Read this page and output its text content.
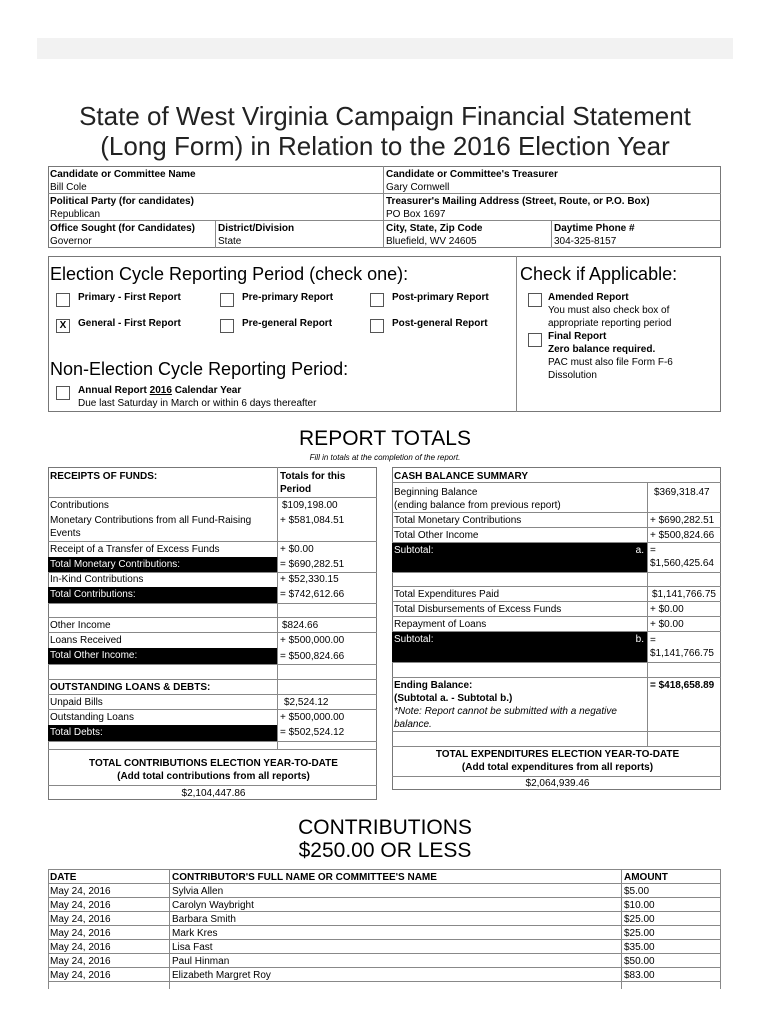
State of West Virginia Campaign Financial Statement
(Long Form) in Relation to the 2016 Election Year
Candidate or Committee Name
Bill Cole
Political Party (for candidates)
Republican
Office Sought (for Candidates)
Governor
District/Division
State
Candidate or Committee's Treasurer
Gary Cornwell
Treasurer's Mailing Address (Street, Route, or P.O. Box)
PO Box 1697
City, State, Zip Code
Bluefield, WV 24605
Daytime Phone #
304-325-8157
Election Cycle Reporting Period (check one):
Primary - First Report	Pre-primary Report	Post-primary Report
X	General - First Report	Pre-general Report	Post-general Report
Non-Election Cycle Reporting Period:
Annual Report 2016 Calendar Year
Due last Saturday in March or within 6 days thereafter
Check if Applicable:
Amended Report
You must also check box of
appropriate reporting period
Final Report
Zero balance required.
PAC must also file Form F-6
Dissolution
REPORT TOTALS
Fill in totals at the completion of the report.
RECEIPTS OF FUNDS:	Totals for this
Period
Contributions	$109,198.00
Monetary Contributions from all Fund-Raising
Events
+ $581,084.51
Receipt of a Transfer of Excess Funds	+ $0.00
Total Monetary Contributions:	= $690,282.51
In-Kind Contributions	+ $52,330.15
Total Contributions:	= $742,612.66
Other Income	$824.66
Loans Received	+ $500,000.00
Total Other Income:	= $500,824.66
OUTSTANDING LOANS & DEBTS:
Unpaid Bills	$2,524.12
Outstanding Loans	+ $500,000.00
Total Debts:	= $502,524.12
TOTAL CONTRIBUTIONS ELECTION YEAR-TO-DATE
(Add total contributions from all reports)
$2,104,447.86
CASH BALANCE SUMMARY
Beginning Balance
(ending balance from previous report)
$369,318.47
Total Monetary Contributions	+ $690,282.51
Total Other Income	+ $500,824.66
Subtotal:	a. =
$1,560,425.64
Total Expenditures Paid	$1,141,766.75
Total Disbursements of Excess Funds	+ $0.00
Repayment of Loans	+ $0.00
Subtotal:	b. =
$1,141,766.75
Ending Balance:
(Subtotal a. - Subtotal b.)
*Note: Report cannot be submitted with a negative
balance.
= $418,658.89
TOTAL EXPENDITURES ELECTION YEAR-TO-DATE
(Add total expenditures from all reports)
$2,064,939.46
CONTRIBUTIONS
$250.00 OR LESS
DATE	CONTRIBUTOR'S FULL NAME OR COMMITTEE'S NAME	AMOUNT
May 24, 2016	Sylvia Allen	$5.00
May 24, 2016	Carolyn Waybright	$10.00
May 24, 2016	Barbara Smith	$25.00
May 24, 2016	Mark Kres	$25.00
May 24, 2016	Lisa Fast	$35.00
May 24, 2016	Paul Hinman	$50.00
May 24, 2016	Elizabeth Margret Roy	$83.00
